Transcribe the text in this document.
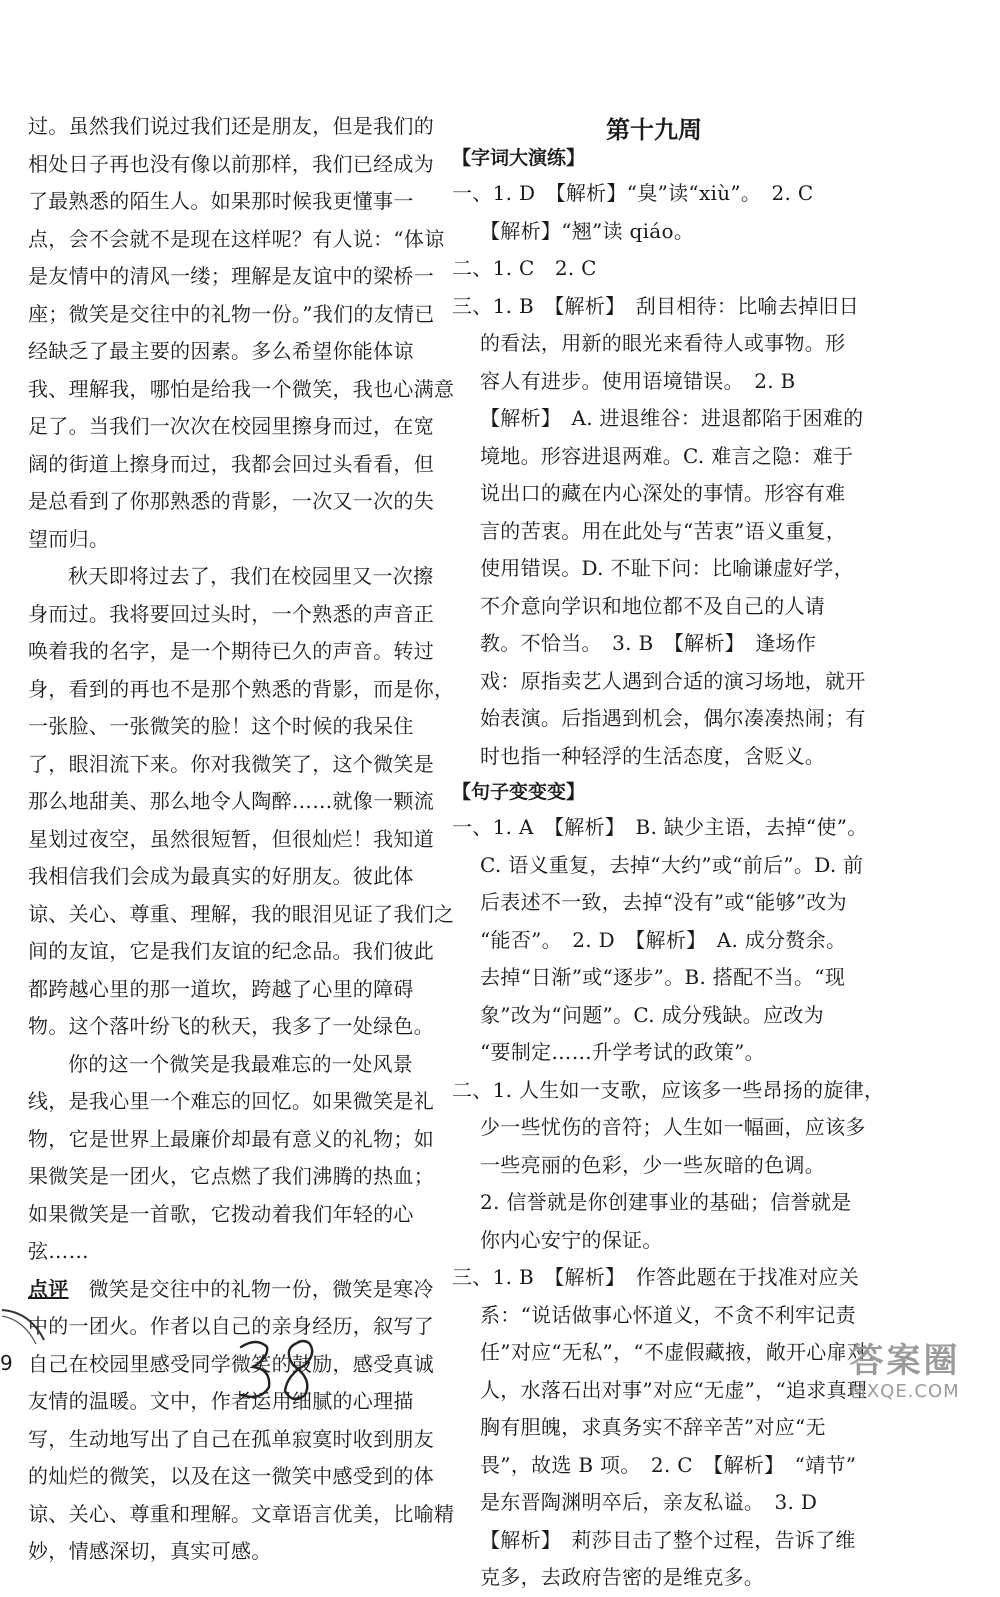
过。虽然我们说过我们还是朋友，但是我们的
相处日子再也没有像以前那样，我们已经成为
了最熟悉的陌生人。如果那时候我更懂事一
点，会不会就不是现在这样呢？有人说：“体谅
是友情中的清风一缕；理解是友谊中的梁桥一
座；微笑是交往中的礼物一份。”我们的友情已
经缺乏了最主要的因素。多么希望你能体谅
我、理解我，哪怕是给我一个微笑，我也心满意
足了。当我们一次次在校园里擦身而过，在宽
阔的街道上擦身而过，我都会回过头看看，但
是总看到了你那熟悉的背影，一次又一次的失
望而归。
秋天即将过去了，我们在校园里又一次擦
身而过。我将要回过头时，一个熟悉的声音正
唤着我的名字，是一个期待已久的声音。转过
身，看到的再也不是那个熟悉的背影，而是你，
一张脸、一张微笑的脸！这个时候的我呆住
了，眼泪流下来。你对我微笑了，这个微笑是
那么地甜美、那么地令人陶醉……就像一颗流
星划过夜空，虽然很短暂，但很灿烂！我知道
我相信我们会成为最真实的好朋友。彼此体
谅、关心、尊重、理解，我的眼泪见证了我们之
间的友谊，它是我们友谊的纪念品。我们彼此
都跨越心里的那一道坎，跨越了心里的障碍
物。这个落叶纷飞的秋天，我多了一处绿色。
你的这一个微笑是我最难忘的一处风景
线，是我心里一个难忘的回忆。如果微笑是礼
物，它是世界上最廉价却最有意义的礼物；如
果微笑是一团火，它点燃了我们沸腾的热血；
如果微笑是一首歌，它拨动着我们年轻的心
弦……
点评 微笑是交往中的礼物一份，微笑是寒冷
中的一团火。作者以自己的亲身经历，叙写了
自己在校园里感受同学微笑的鼓励，感受真诚
友情的温暖。文中，作者运用细腻的心理描
写，生动地写出了自己在孤单寂寞时收到朋友
的灿烂的微笑，以及在这一微笑中感受到的体
谅、关心、尊重和理解。文章语言优美，比喻精
妙，情感深切，真实可感。
第十九周
【字词大演练】
一、1. D　【解析】“臭”读“xiù”。　2. C
【解析】“翘”读 qiáo。
二、1. C　2. C
三、1. B　【解析】　刮目相待：比喻去掉旧日
的看法，用新的眼光来看待人或事物。形
容人有进步。使用语境错误。　2. B
【解析】　A. 进退维谷：进退都陷于困难的
境地。形容进退两难。C. 难言之隐：难于
说出口的藏在内心深处的事情。形容有难
言的苦衷。用在此处与“苦衷”语义重复，
使用错误。D. 不耻下问：比喻谦虚好学，
不介意向学识和地位都不及自己的人请
教。不恰当。　3. B　【解析】　逢场作
戏：原指卖艺人遇到合适的演习场地，就开
始表演。后指遇到机会，偶尔凑凑热闹；有
时也指一种轻浮的生活态度，含贬义。
【句子变变变】
一、1. A　【解析】　B. 缺少主语，去掉“使”。
C. 语义重复，去掉“大约”或“前后”。D. 前
后表述不一致，去掉“没有”或“能够”改为
“能否”。　2. D　【解析】　A. 成分赘余。
去掉“日渐”或“逐步”。B. 搭配不当。“现
象”改为“问题”。C. 成分残缺。应改为
“要制定……升学考试的政策”。
二、1. 人生如一支歌，应该多一些昂扬的旋律，
少一些忧伤的音符；人生如一幅画，应该多
一些亮丽的色彩，少一些灰暗的色调。
2. 信誉就是你创建事业的基础；信誉就是
你内心安宁的保证。
三、1. B　【解析】　作答此题在于找准对应关
系：“说话做事心怀道义，不贪不利牢记责
任”对应“无私”，“不虚假藏掖，敞开心扉对
人，水落石出对事”对应“无虚”，“追求真理
胸有胆魄，求真务实不辞辛苦”对应“无
畏”，故选 B 项。　2. C　【解析】　“靖节”
是东晋陶渊明卒后，亲友私谥。　3. D
【解析】　莉莎目击了整个过程，告诉了维
克多，去政府告密的是维克多。
9	答案圈
MXQE.COM
